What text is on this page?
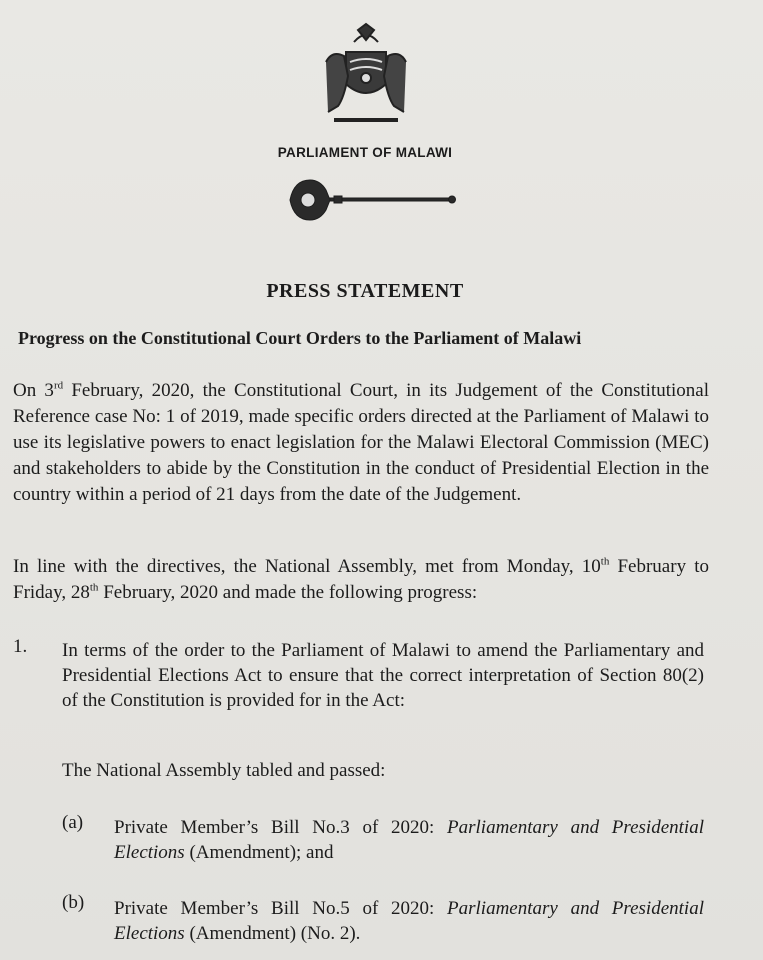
PARLIAMENT OF MALAWI
PRESS STATEMENT
Progress on the Constitutional Court Orders to the Parliament of Malawi
On 3rd February, 2020, the Constitutional Court, in its Judgement of the Constitutional Reference case No: 1 of 2019, made specific orders directed at the Parliament of Malawi to use its legislative powers to enact legislation for the Malawi Electoral Commission (MEC) and stakeholders to abide by the Constitution in the conduct of Presidential Election in the country within a period of 21 days from the date of the Judgement.
In line with the directives, the National Assembly, met from Monday, 10th February to Friday, 28th February, 2020 and made the following progress:
1. In terms of the order to the Parliament of Malawi to amend the Parliamentary and Presidential Elections Act to ensure that the correct interpretation of Section 80(2) of the Constitution is provided for in the Act:
The National Assembly tabled and passed:
(a) Private Member’s Bill No.3 of 2020: Parliamentary and Presidential Elections (Amendment); and
(b) Private Member’s Bill No.5 of 2020: Parliamentary and Presidential Elections (Amendment) (No. 2).
